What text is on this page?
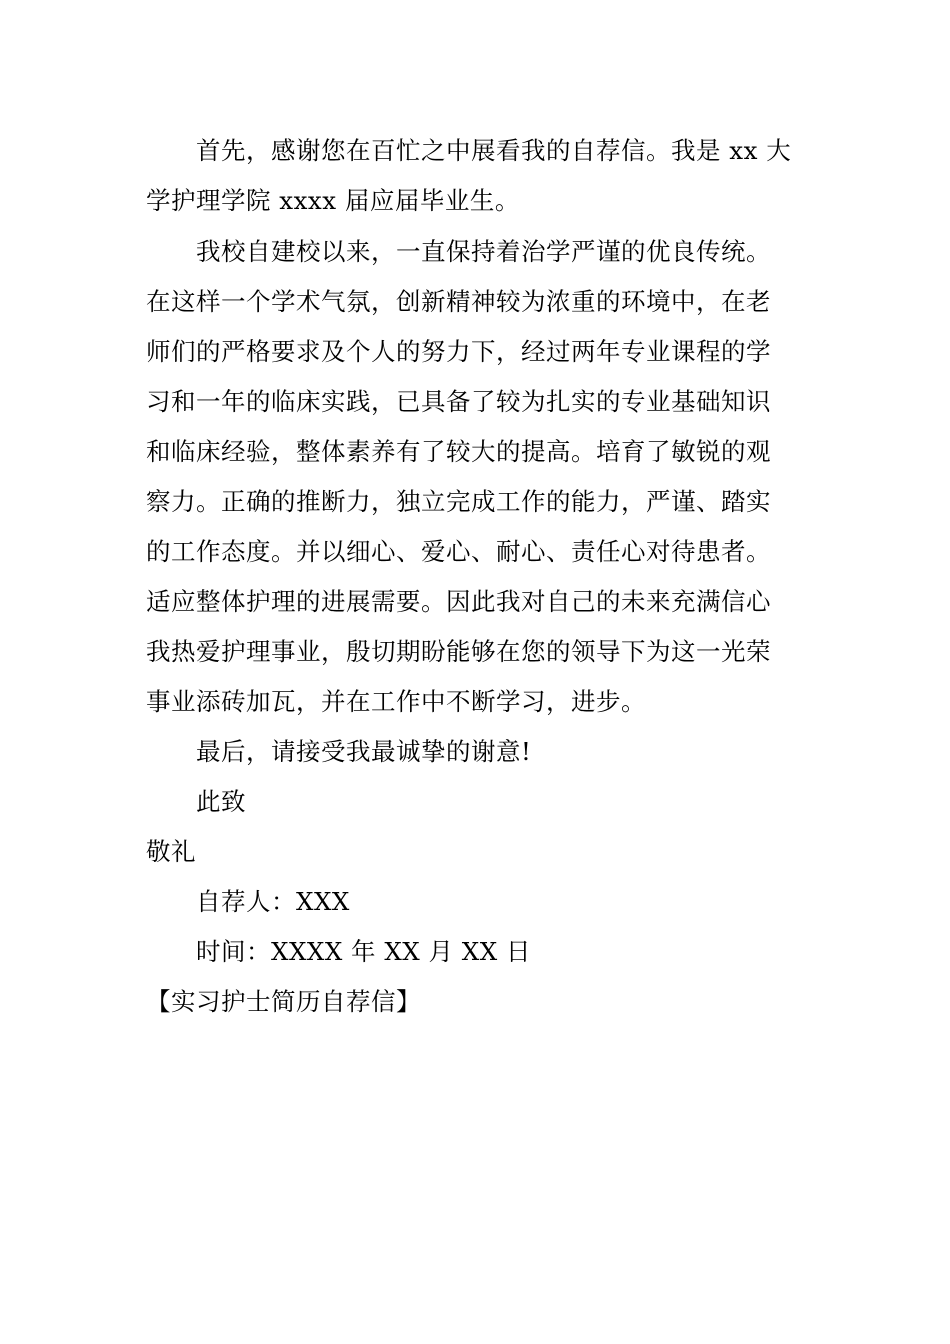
首先，感谢您在百忙之中展看我的自荐信。我是 xx 大
学护理学院 xxxx 届应届毕业生。
我校自建校以来，一直保持着治学严谨的优良传统。
在这样一个学术气氛，创新精神较为浓重的环境中，在老
师们的严格要求及个人的努力下，经过两年专业课程的学
习和一年的临床实践，已具备了较为扎实的专业基础知识
和临床经验，整体素养有了较大的提高。培育了敏锐的观
察力。正确的推断力，独立完成工作的能力，严谨、踏实
的工作态度。并以细心、爱心、耐心、责任心对待患者。
适应整体护理的进展需要。因此我对自己的未来充满信心
我热爱护理事业，殷切期盼能够在您的领导下为这一光荣
事业添砖加瓦，并在工作中不断学习，进步。
最后，请接受我最诚挚的谢意!
此致
敬礼
自荐人：XXX
时间：XXXX 年 XX 月 XX 日
【实习护士简历自荐信】
